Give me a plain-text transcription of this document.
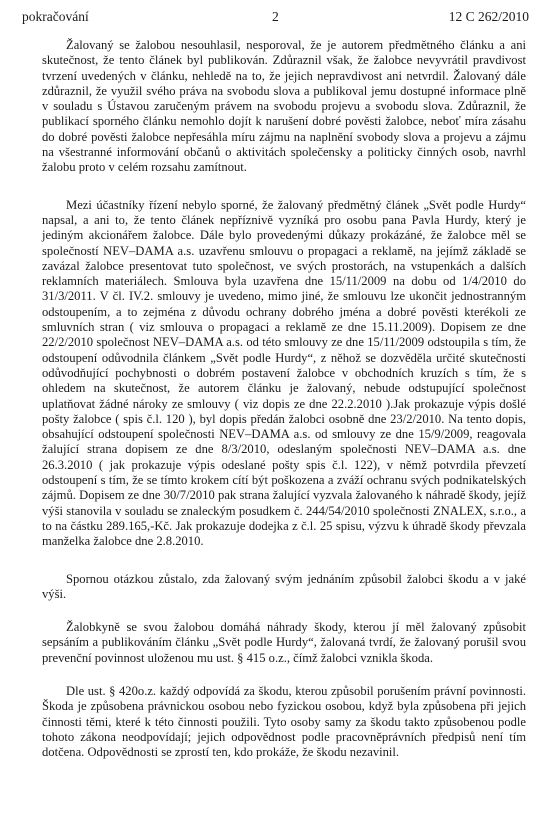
pokračování	2	12 C 262/2010

Žalovaný se žalobou nesouhlasil, nesporoval, že je autorem předmětného článku a ani skutečnost, že tento článek byl publikován. Zdůraznil však, že žalobce nevyvrátil pravdivost tvrzení uvedených v článku, nehledě na to, že jejich nepravdivost ani netvrdil. Žalovaný dále zdůraznil, že využil svého práva na svobodu slova a publikoval jemu dostupné informace plně v souladu s Ústavou zaručeným právem na svobodu projevu a svobodu slova. Zdůraznil, že publikací sporného článku nemohlo dojít k narušení dobré pověsti žalobce, neboť míra zásahu do dobré pověsti žalobce nepřesáhla míru zájmu na naplnění svobody slova a projevu a zájmu na všestranné informování občanů o aktivitách společensky a politicky činných osob, navrhl žalobu proto v celém rozsahu zamítnout.

Mezi účastníky řízení nebylo sporné, že žalovaný předmětný článek „Svět podle Hurdy“ napsal, a ani to, že tento článek nepříznivě vyzníká pro osobu pana Pavla Hurdy, který je jediným akcionářem žalobce. Dále bylo provedenými důkazy prokázáné, že žalobce měl se společností NEV–DAMA a.s. uzavřenu smlouvu o propagaci a reklamě, na jejímž základě se zavázal žalobce presentovat tuto společnost, ve svých prostorách, na vstupenkách a dalších reklamních materiálech. Smlouva byla uzavřena dne 15/11/2009 na dobu od 1/4/2010 do 31/3/2011. V čl. IV.2. smlouvy je uvedeno, mimo jiné, že smlouvu lze ukončit jednostranným odstoupením, a to zejména z důvodu ochrany dobrého jména a dobré pověsti kterékoli ze smluvních stran ( viz smlouva o propagaci a reklamě ze dne 15.11.2009). Dopisem ze dne 22/2/2010 společnost NEV–DAMA a.s. od této smlouvy ze dne 15/11/2009 odstoupila s tím, že odstoupení odůvodnila článkem „Svět podle Hurdy“, z něhož se dozvěděla určité skutečnosti odůvodňující pochybnosti o dobrém postavení žalobce v obchodních kruzích s tím, že s ohledem na skutečnost, že autorem článku je žalovaný, nebude odstupující společnost uplatňovat žádné nároky ze smlouvy ( viz dopis ze dne 22.2.2010 ).Jak prokazuje výpis došlé pošty žalobce ( spis č.l. 120 ), byl dopis předán žalobci osobně dne 23/2/2010. Na tento dopis, obsahující odstoupení společnosti NEV–DAMA a.s. od smlouvy ze dne 15/9/2009, reagovala žalující strana dopisem ze dne 8/3/2010, odeslaným společnosti NEV–DAMA a.s. dne 26.3.2010 ( jak prokazuje výpis odeslané pošty spis č.l. 122), v němž potvrdila převzetí odstoupení s tím, že se tímto krokem cítí být poškozena a zváží ochranu svých podnikatelských zájmů. Dopisem ze dne 30/7/2010 pak strana žalující vyzvala žalovaného k náhradě škody, jejíž výši stanovila v souladu se znaleckým posudkem č. 244/54/2010 společnosti ZNALEX, s.r.o., a to na částku 289.165,-Kč. Jak prokazuje dodejka z č.l. 25 spisu, výzvu k úhradě škody převzala manželka žalobce dne 2.8.2010.

Spornou otázkou zůstalo, zda žalovaný svým jednáním způsobil žalobci škodu a v jaké výši.

Žalobkyně se svou žalobou domáhá náhrady škody, kterou jí měl žalovaný způsobit sepsáním a publikováním článku „Svět podle Hurdy“, žalovaná tvrdí, že žalovaný porušil svou prevenční povinnost uloženou mu ust. § 415 o.z., čímž žalobci vznikla škoda.

Dle ust. § 420o.z. každý odpovídá za škodu, kterou způsobil porušením právní povinnosti. Škoda je způsobena právnickou osobou nebo fyzickou osobou, když byla způsobena při jejich činnosti těmi, které k této činnosti použili. Tyto osoby samy za škodu takto způsobenou podle tohoto zákona neodpovídají; jejich odpovědnost podle pracovněprávních předpisů není tím dotčena. Odpovědnosti se zprostí ten, kdo prokáže, že škodu nezavinil.
